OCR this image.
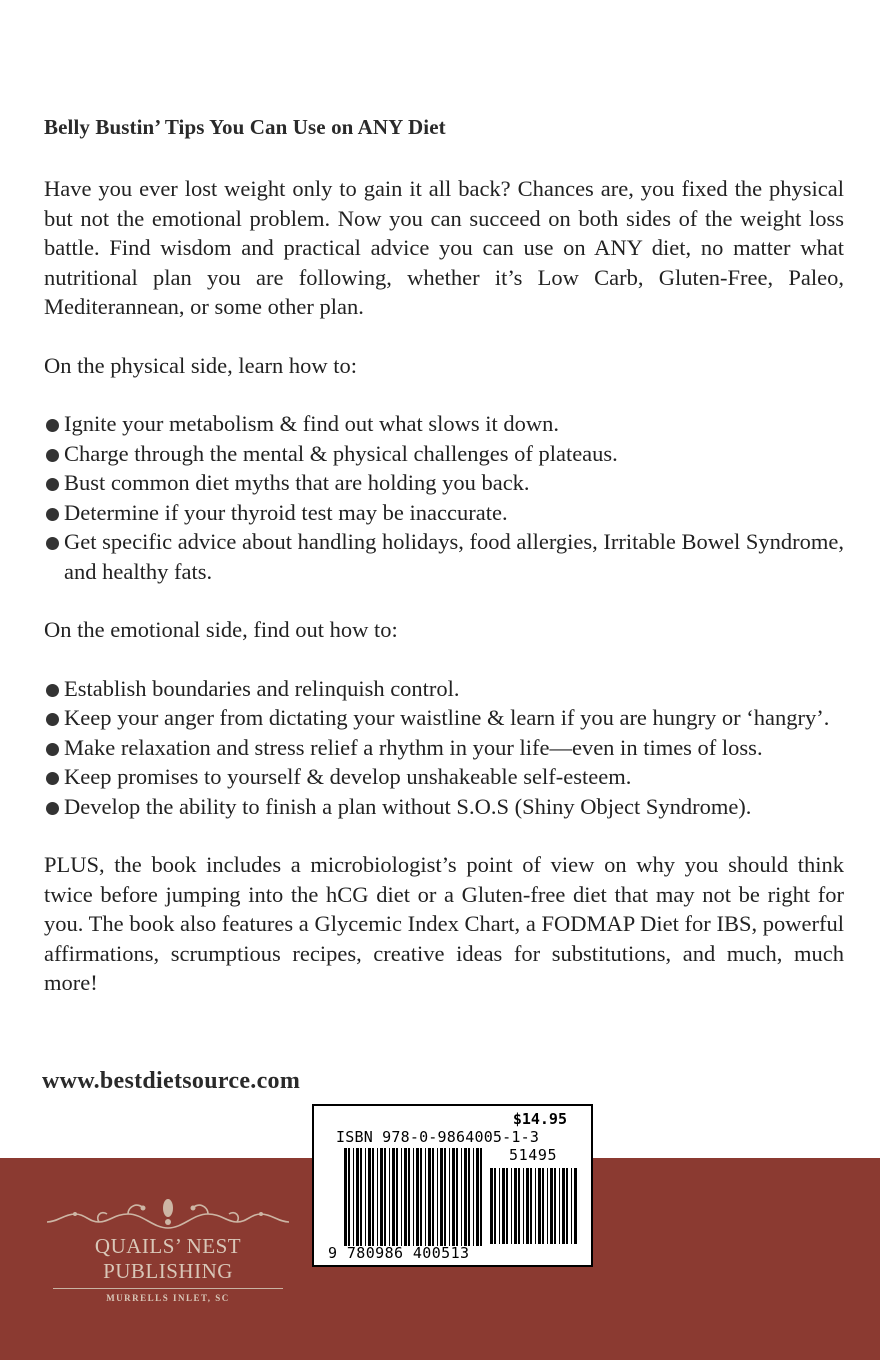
Belly Bustin’ Tips You Can Use on ANY Diet

Have you ever lost weight only to gain it all back? Chances are, you fixed the physical but not the emotional problem. Now you can succeed on both sides of the weight loss battle. Find wisdom and practical advice you can use on ANY diet, no matter what nutritional plan you are following, whether it’s Low Carb, Gluten-Free, Paleo, Mediterannean, or some other plan.

On the physical side, learn how to:

Ignite your metabolism & find out what slows it down.
Charge through the mental & physical challenges of plateaus.
Bust common diet myths that are holding you back.
Determine if your thyroid test may be inaccurate.
Get specific advice about handling holidays, food allergies, Irritable Bowel Syndrome, and healthy fats.

On the emotional side, find out how to:

Establish boundaries and relinquish control.
Keep your anger from dictating your waistline & learn if you are hungry or ‘hangry’.
Make relaxation and stress relief a rhythm in your life—even in times of loss.
Keep promises to yourself & develop unshakeable self-esteem.
Develop the ability to finish a plan without S.O.S (Shiny Object Syndrome).

PLUS, the book includes a microbiologist’s point of view on why you should think twice before jumping into the hCG diet or a Gluten-free diet that may not be right for you. The book also features a Glycemic Index Chart, a FODMAP Diet for IBS, powerful affirmations, scrumptious recipes, creative ideas for substitutions, and much, much more!

www.bestdietsource.com
QUAILS’ NEST PUBLISHING
MURRELLS INLET, SC
$14.95
ISBN 978-0-9864005-1-3
51495
9 780986 400513
